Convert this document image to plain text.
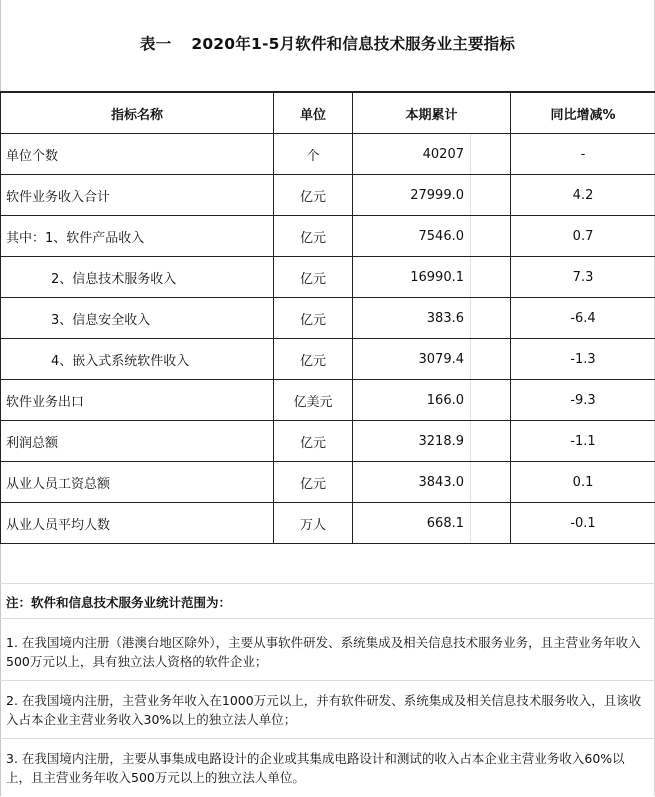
表一 2020年1-5月软件和信息技术服务业主要指标
指标名称	单位	本期累计		同比增减%
单位个数	个	40207		-
软件业务收入合计	亿元	27999.0		4.2
其中：1、软件产品收入	亿元	7546.0		0.7
2、信息技术服务收入	亿元	16990.1		7.3
3、信息安全收入	亿元	383.6		-6.4
4、嵌入式系统软件收入	亿元	3079.4		-1.3
软件业务出口	亿美元	166.0		-9.3
利润总额	亿元	3218.9		-1.1
从业人员工资总额	亿元	3843.0		0.1
从业人员平均人数	万人	668.1		-0.1
注：软件和信息技术服务业统计范围为：
1. 在我国境内注册（港澳台地区除外），主要从事软件研发、系统集成及相关信息技术服务业务，且主营业务年收入500万元以上，具有独立法人资格的软件企业；
2. 在我国境内注册，主营业务年收入在1000万元以上，并有软件研发、系统集成及相关信息技术服务收入，且该收入占本企业主营业务收入30%以上的独立法人单位；
3. 在我国境内注册，主要从事集成电路设计的企业或其集成电路设计和测试的收入占本企业主营业务收入60%以上，且主营业务年收入500万元以上的独立法人单位。
